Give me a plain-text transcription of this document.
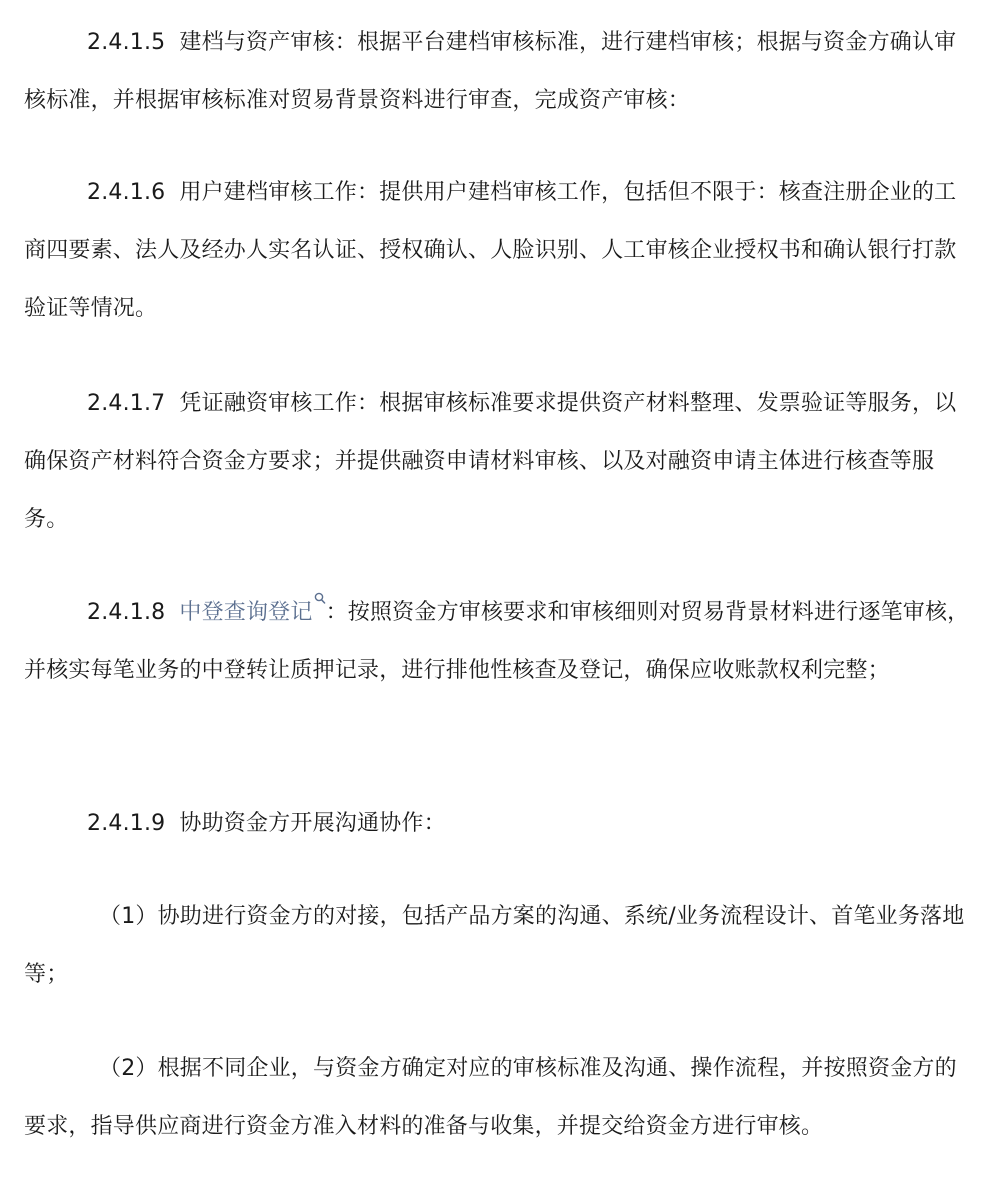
2.4.1.5 建档与资产审核：根据平台建档审核标准，进行建档审核；根据与资金方确认审核标准，并根据审核标准对贸易背景资料进行审查，完成资产审核：

2.4.1.6 用户建档审核工作：提供用户建档审核工作，包括但不限于：核查注册企业的工商四要素、法人及经办人实名认证、授权确认、人脸识别、人工审核企业授权书和确认银行打款验证等情况。

2.4.1.7 凭证融资审核工作：根据审核标准要求提供资产材料整理、发票验证等服务，以确保资产材料符合资金方要求；并提供融资申请材料审核、以及对融资申请主体进行核查等服务。

2.4.1.8 中登查询登记 ：按照资金方审核要求和审核细则对贸易背景材料进行逐笔审核，并核实每笔业务的中登转让质押记录，进行排他性核查及登记，确保应收账款权利完整；

2.4.1.9 协助资金方开展沟通协作：

（1）协助进行资金方的对接，包括产品方案的沟通、系统/业务流程设计、首笔业务落地等；

（2）根据不同企业，与资金方确定对应的审核标准及沟通、操作流程，并按照资金方的要求，指导供应商进行资金方准入材料的准备与收集，并提交给资金方进行审核。
